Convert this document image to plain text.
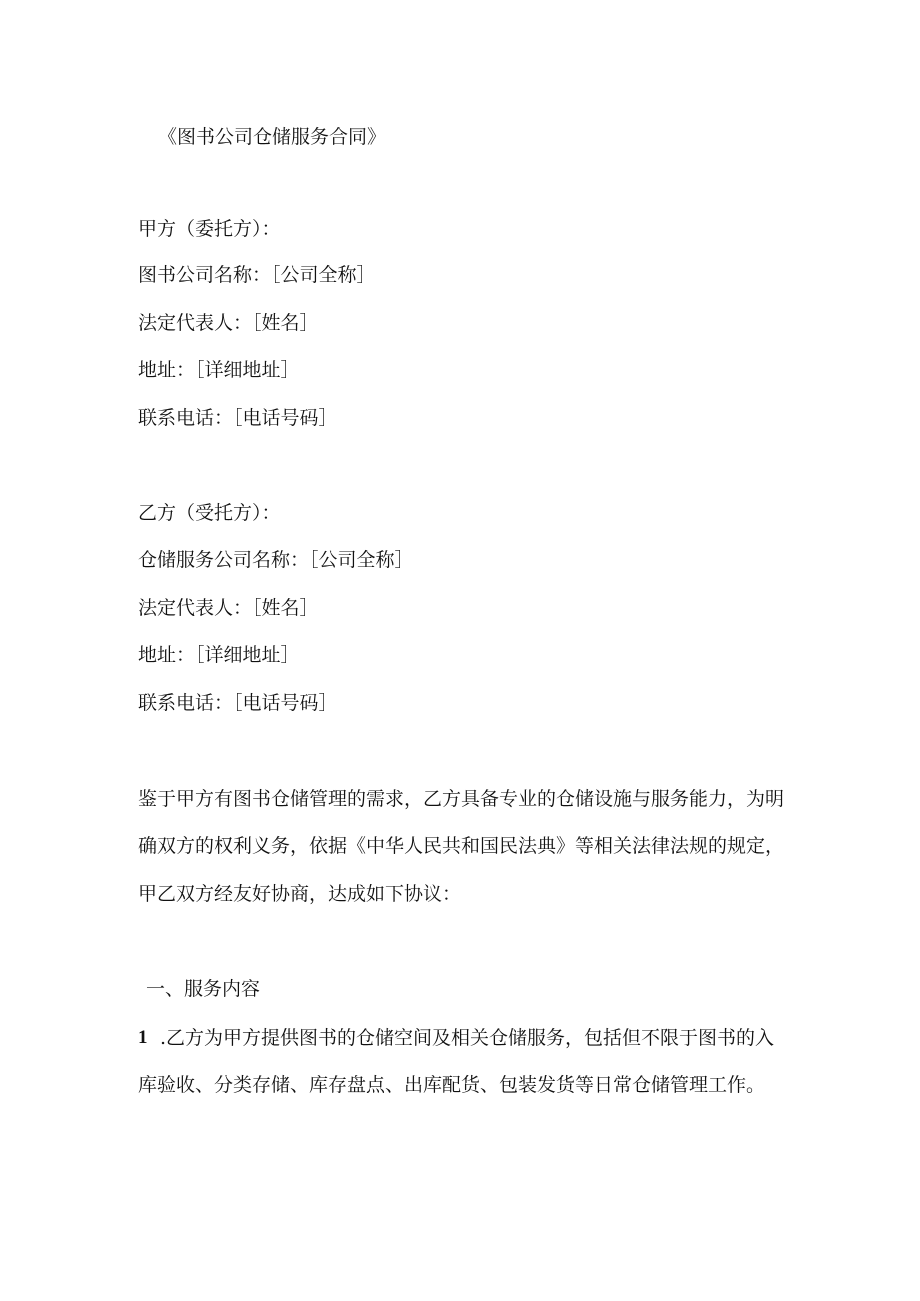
《图书公司仓储服务合同》
甲方（委托方）：
图书公司名称：［公司全称］
法定代表人：［姓名］
地址：［详细地址］
联系电话：［电话号码］
乙方（受托方）：
仓储服务公司名称：［公司全称］
法定代表人：［姓名］
地址：［详细地址］
联系电话：［电话号码］
鉴于甲方有图书仓储管理的需求，乙方具备专业的仓储设施与服务能力，为明
确双方的权利义务，依据《中华人民共和国民法典》等相关法律法规的规定，
甲乙双方经友好协商，达成如下协议：
一、服务内容
1 .乙方为甲方提供图书的仓储空间及相关仓储服务，包括但不限于图书的入
库验收、分类存储、库存盘点、出库配货、包装发货等日常仓储管理工作。
